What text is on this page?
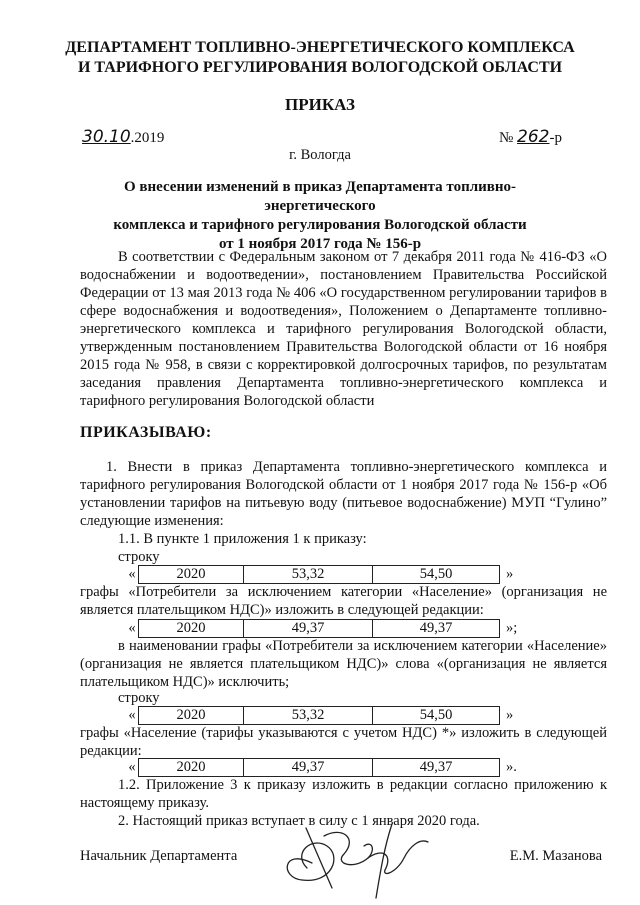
ДЕПАРТАМЕНТ ТОПЛИВНО-ЭНЕРГЕТИЧЕСКОГО КОМПЛЕКСА
И ТАРИФНОГО РЕГУЛИРОВАНИЯ ВОЛОГОДСКОЙ ОБЛАСТИ
ПРИКАЗ
30.10.2019	№ 262-р
г. Вологда
О внесении изменений в приказ Департамента топливно-энергетического
комплекса и тарифного регулирования Вологодской области
от 1 ноября 2017 года № 156-р
В соответствии с Федеральным законом от 7 декабря 2011 года № 416-ФЗ «О водоснабжении и водоотведении», постановлением Правительства Российской Федерации от 13 мая 2013 года № 406 «О государственном регулировании тарифов в сфере водоснабжения и водоотведения», Положением о Департаменте топливно-энергетического комплекса и тарифного регулирования Вологодской области, утвержденным постановлением Правительства Вологодской области от 16 ноября 2015 года № 958, в связи с корректировкой долгосрочных тарифов, по результатам заседания правления Департамента топливно-энергетического комплекса и тарифного регулирования Вологодской области
ПРИКАЗЫВАЮ:
1. Внести в приказ Департамента топливно-энергетического комплекса и тарифного регулирования Вологодской области от 1 ноября 2017 года № 156-р «Об установлении тарифов на питьевую воду (питьевое водоснабжение) МУП “Гулино” следующие изменения:
1.1. В пункте 1 приложения 1 к приказу:
строку
«	2020	53,32	54,50	»
графы «Потребители за исключением категории «Население» (организация не является плательщиком НДС)» изложить в следующей редакции:
«	2020	49,37	49,37	»;
в наименовании графы «Потребители за исключением категории «Население» (организация не является плательщиком НДС)» слова «(организация не является плательщиком НДС)» исключить;
строку
«	2020	53,32	54,50	»
графы «Население (тарифы указываются с учетом НДС) *» изложить в следующей редакции:
«	2020	49,37	49,37	».
1.2. Приложение 3 к приказу изложить в редакции согласно приложению к настоящему приказу.
2. Настоящий приказ вступает в силу с 1 января 2020 года.
Начальник Департамента	Е.М. Мазанова
